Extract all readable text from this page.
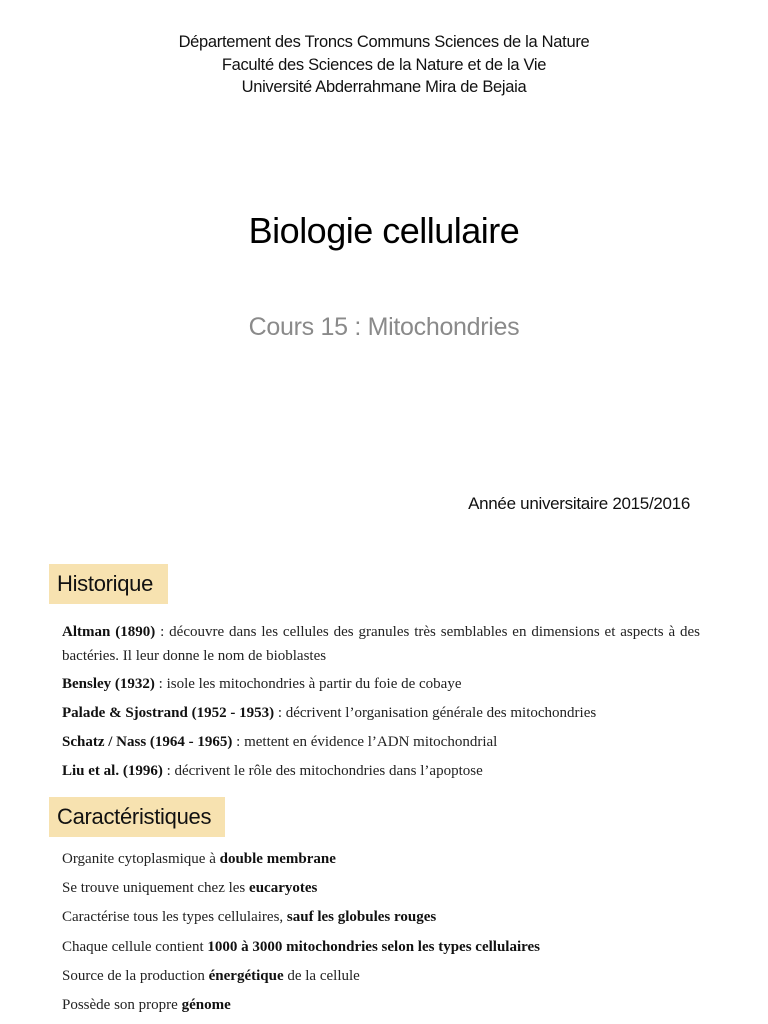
Département des Troncs Communs Sciences de la Nature
Faculté des Sciences de la Nature et de la Vie
Université Abderrahmane Mira de Bejaia
Biologie cellulaire
Cours 15 : Mitochondries
Année universitaire 2015/2016
Historique
Altman (1890) : découvre dans les cellules des granules très semblables en dimensions et aspects à des bactéries. Il leur donne le nom de bioblastes
Bensley (1932) : isole les mitochondries à partir du foie de cobaye
Palade & Sjostrand (1952 - 1953) : décrivent l’organisation générale des mitochondries
Schatz / Nass (1964 - 1965) : mettent en évidence l’ADN mitochondrial
Liu et al. (1996) : décrivent le rôle des mitochondries dans l’apoptose
Caractéristiques
Organite cytoplasmique à double membrane
Se trouve uniquement chez les eucaryotes
Caractérise tous les types cellulaires, sauf les globules rouges
Chaque cellule contient 1000 à 3000 mitochondries selon les types cellulaires
Source de la production énergétique de la cellule
Possède son propre génome
